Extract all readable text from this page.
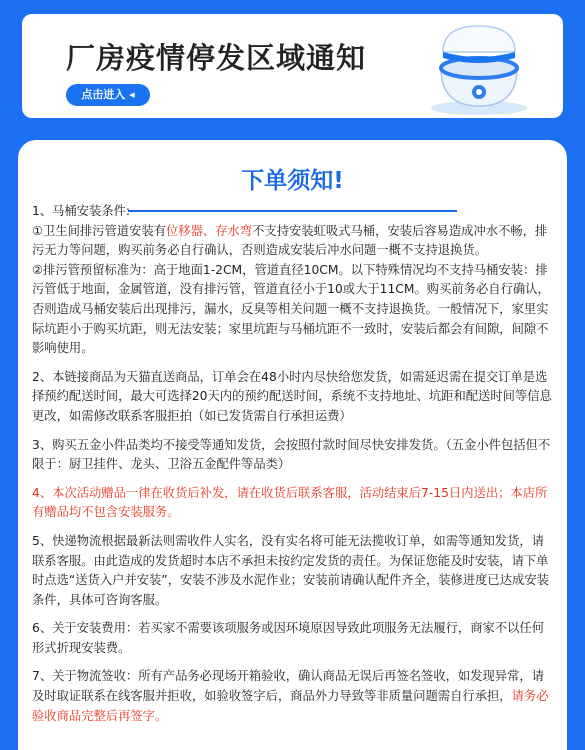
厂房疫情停发区域通知
点击进入 ◂
下单须知!

1、马桶安装条件:
①卫生间排污管道安装有位移器、存水弯不支持安装虹吸式马桶，安装后容易造成冲水不畅，排污无力等问题，购买前务必自行确认，否则造成安装后冲水问题一概不支持退换货。
②排污管预留标准为：高于地面1-2CM，管道直径10CM。以下特殊情况均不支持马桶安装：排污管低于地面，金属管道，没有排污管，管道直径小于10或大于11CM。购买前务必自行确认，否则造成马桶安装后出现排污，漏水，反臭等相关问题一概不支持退换货。一般情况下，家里实际坑距小于购买坑距，则无法安装；家里坑距与马桶坑距不一致时，安装后都会有间隙，间隙不影响使用。

2、本链接商品为天猫直送商品，订单会在48小时内尽快给您发货，如需延迟需在提交订单是选择预约配送时间，最大可选择20天内的预约配送时间，系统不支持地址、坑距和配送时间等信息更改，如需修改联系客服拒拍（如已发货需自行承担运费）

3、购买五金小件品类均不接受等通知发货，会按照付款时间尽快安排发货。（五金小件包括但不限于：厨卫挂件、龙头、卫浴五金配件等品类）

4、本次活动赠品一律在收货后补发，请在收货后联系客服，活动结束后7-15日内送出；本店所有赠品均不包含安装服务。

5、快递物流根据最新法则需收件人实名，没有实名将可能无法揽收订单，如需等通知发货，请联系客服。由此造成的发货超时本店不承担未按约定发货的责任。为保证您能及时安装，请下单时点选“送货入户并安装”，安装不涉及水泥作业；安装前请确认配件齐全，装修进度已达成安装条件，具体可咨询客服。

6、关于安装费用：若买家不需要该项服务或因环境原因导致此项服务无法履行，商家不以任何形式折现安装费。

7、关于物流签收：所有产品务必现场开箱验收，确认商品无误后再签名签收，如发现异常，请及时取证联系在线客服并拒收，如验收签字后，商品外力导致等非质量问题需自行承担，请务必验收商品完整后再签字。
